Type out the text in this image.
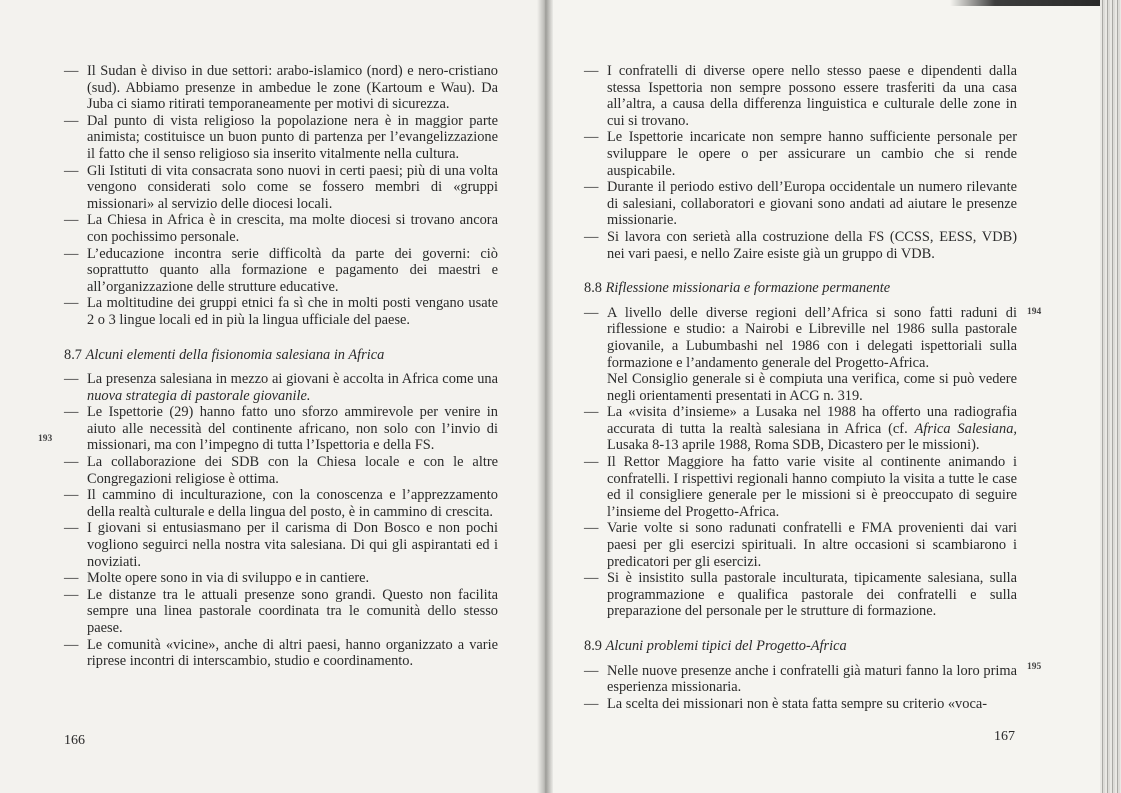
— Il Sudan è diviso in due settori: arabo-islamico (nord) e nero-cristiano (sud). Abbiamo presenze in ambedue le zone (Kartoum e Wau). Da Juba ci siamo ritirati temporaneamente per motivi di sicurezza.

— Dal punto di vista religioso la popolazione nera è in maggior parte animista; costituisce un buon punto di partenza per l’evangelizzazione il fatto che il senso religioso sia inserito vitalmente nella cultura.

— Gli Istituti di vita consacrata sono nuovi in certi paesi; più di una volta vengono considerati solo come se fossero membri di «gruppi missionari» al servizio delle diocesi locali.

— La Chiesa in Africa è in crescita, ma molte diocesi si trovano ancora con pochissimo personale.

— L’educazione incontra serie difficoltà da parte dei governi: ciò soprattutto quanto alla formazione e pagamento dei maestri e all’organizzazione delle strutture educative.

— La moltitudine dei gruppi etnici fa sì che in molti posti vengano usate 2 o 3 lingue locali ed in più la lingua ufficiale del paese.

8.7 Alcuni elementi della fisionomia salesiana in Africa

— La presenza salesiana in mezzo ai giovani è accolta in Africa come una nuova strategia di pastorale giovanile.

— Le Ispettorie (29) hanno fatto uno sforzo ammirevole per venire in aiuto alle necessità del continente africano, non solo con l’invio di missionari, ma con l’impegno di tutta l’Ispettoria e della FS.

— La collaborazione dei SDB con la Chiesa locale e con le altre Congregazioni religiose è ottima.

— Il cammino di inculturazione, con la conoscenza e l’apprezzamento della realtà culturale e della lingua del posto, è in cammino di crescita.

— I giovani si entusiasmano per il carisma di Don Bosco e non pochi vogliono seguirci nella nostra vita salesiana. Di qui gli aspirantati ed i noviziati.

— Molte opere sono in via di sviluppo e in cantiere.

— Le distanze tra le attuali presenze sono grandi. Questo non facilita sempre una linea pastorale coordinata tra le comunità dello stesso paese.

— Le comunità «vicine», anche di altri paesi, hanno organizzato a varie riprese incontri di interscambio, studio e coordinamento.

193
166

— I confratelli di diverse opere nello stesso paese e dipendenti dalla stessa Ispettoria non sempre possono essere trasferiti da una casa all’altra, a causa della differenza linguistica e culturale delle zone in cui si trovano.

— Le Ispettorie incaricate non sempre hanno sufficiente personale per sviluppare le opere o per assicurare un cambio che si rende auspicabile.

— Durante il periodo estivo dell’Europa occidentale un numero rilevante di salesiani, collaboratori e giovani sono andati ad aiutare le presenze missionarie.

— Si lavora con serietà alla costruzione della FS (CCSS, EESS, VDB) nei vari paesi, e nello Zaire esiste già un gruppo di VDB.

8.8 Riflessione missionaria e formazione permanente

— A livello delle diverse regioni dell’Africa si sono fatti raduni di riflessione e studio: a Nairobi e Libreville nel 1986 sulla pastorale giovanile, a Lubumbashi nel 1986 con i delegati ispettoriali sulla formazione e l’andamento generale del Progetto-Africa.

Nel Consiglio generale si è compiuta una verifica, come si può vedere negli orientamenti presentati in ACG n. 319.

— La «visita d’insieme» a Lusaka nel 1988 ha offerto una radiografia accurata di tutta la realtà salesiana in Africa (cf. Africa Salesiana, Lusaka 8-13 aprile 1988, Roma SDB, Dicastero per le missioni).

— Il Rettor Maggiore ha fatto varie visite al continente animando i confratelli. I rispettivi regionali hanno compiuto la visita a tutte le case ed il consigliere generale per le missioni si è preoccupato di seguire l’insieme del Progetto-Africa.

— Varie volte si sono radunati confratelli e FMA provenienti dai vari paesi per gli esercizi spirituali. In altre occasioni si scambiarono i predicatori per gli esercizi.

— Si è insistito sulla pastorale inculturata, tipicamente salesiana, sulla programmazione e qualifica pastorale dei confratelli e sulla preparazione del personale per le strutture di formazione.

8.9 Alcuni problemi tipici del Progetto-Africa

— Nelle nuove presenze anche i confratelli già maturi fanno la loro prima esperienza missionaria.

— La scelta dei missionari non è stata fatta sempre su criterio «voca-

194
195
167
